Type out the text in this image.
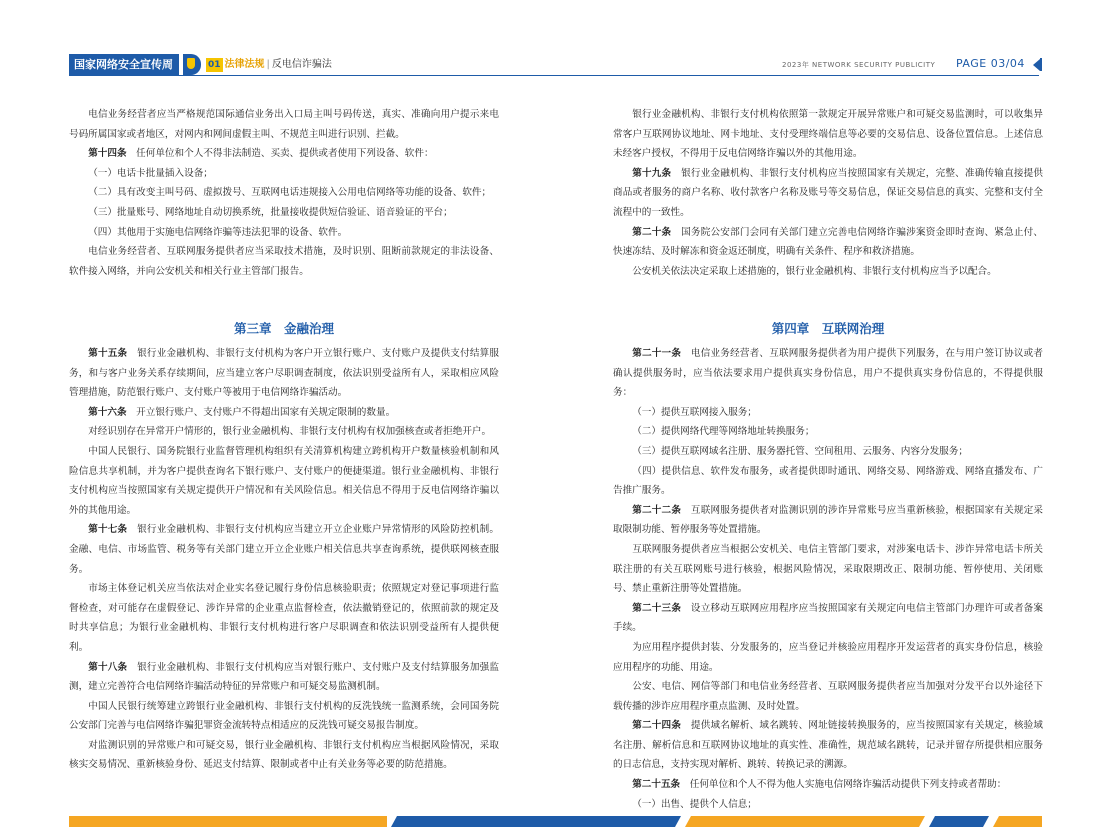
国家网络安全宣传周	01 法律法规 | 反电信诈骗法	2023年 NETWORK SECURITY PUBLICITY PAGE 03/04

电信业务经营者应当严格规范国际通信业务出入口局主叫号码传送，真实、准确向用户提示来电号码所属国家或者地区，对网内和网间虚假主叫、不规范主叫进行识别、拦截。

第十四条　 任何单位和个人不得非法制造、买卖、提供或者使用下列设备、软件：

（一）电话卡批量插入设备；

（二）具有改变主叫号码、虚拟拨号、互联网电话违规接入公用电信网络等功能的设备、软件；

（三）批量账号、网络地址自动切换系统，批量接收提供短信验证、语音验证的平台；

（四）其他用于实施电信网络诈骗等违法犯罪的设备、软件。

电信业务经营者、互联网服务提供者应当采取技术措施，及时识别、阻断前款规定的非法设备、软件接入网络，并向公安机关和相关行业主管部门报告。

第三章　金融治理

第十五条　 银行业金融机构、非银行支付机构为客户开立银行账户、支付账户及提供支付结算服务，和与客户业务关系存续期间，应当建立客户尽职调查制度，依法识别受益所有人，采取相应风险管理措施，防范银行账户、支付账户等被用于电信网络诈骗活动。

第十六条　 开立银行账户、支付账户不得超出国家有关规定限制的数量。

对经识别存在异常开户情形的，银行业金融机构、非银行支付机构有权加强核查或者拒绝开户。

中国人民银行、国务院银行业监督管理机构组织有关清算机构建立跨机构开户数量核验机制和风险信息共享机制，并为客户提供查询名下银行账户、支付账户的便捷渠道。银行业金融机构、非银行支付机构应当按照国家有关规定提供开户情况和有关风险信息。相关信息不得用于反电信网络诈骗以外的其他用途。

第十七条　 银行业金融机构、非银行支付机构应当建立开立企业账户异常情形的风险防控机制。金融、电信、市场监管、税务等有关部门建立开立企业账户相关信息共享查询系统，提供联网核查服务。

市场主体登记机关应当依法对企业实名登记履行身份信息核验职责；依照规定对登记事项进行监督检查，对可能存在虚假登记、涉诈异常的企业重点监督检查，依法撤销登记的，依照前款的规定及时共享信息；为银行业金融机构、非银行支付机构进行客户尽职调查和依法识别受益所有人提供便利。

第十八条　 银行业金融机构、非银行支付机构应当对银行账户、支付账户及支付结算服务加强监测，建立完善符合电信网络诈骗活动特征的异常账户和可疑交易监测机制。

中国人民银行统筹建立跨银行业金融机构、非银行支付机构的反洗钱统一监测系统，会同国务院公安部门完善与电信网络诈骗犯罪资金流转特点相适应的反洗钱可疑交易报告制度。

对监测识别的异常账户和可疑交易，银行业金融机构、非银行支付机构应当根据风险情况，采取核实交易情况、重新核验身份、延迟支付结算、限制或者中止有关业务等必要的防范措施。

银行业金融机构、非银行支付机构依照第一款规定开展异常账户和可疑交易监测时，可以收集异常客户互联网协议地址、网卡地址、支付受理终端信息等必要的交易信息、设备位置信息。上述信息未经客户授权，不得用于反电信网络诈骗以外的其他用途。

第十九条　 银行业金融机构、非银行支付机构应当按照国家有关规定，完整、准确传输直接提供商品或者服务的商户名称、收付款客户名称及账号等交易信息，保证交易信息的真实、完整和支付全流程中的一致性。

第二十条　 国务院公安部门会同有关部门建立完善电信网络诈骗涉案资金即时查询、紧急止付、快速冻结、及时解冻和资金返还制度，明确有关条件、程序和救济措施。

公安机关依法决定采取上述措施的，银行业金融机构、非银行支付机构应当予以配合。

第四章　互联网治理

第二十一条　 电信业务经营者、互联网服务提供者为用户提供下列服务，在与用户签订协议或者确认提供服务时，应当依法要求用户提供真实身份信息，用户不提供真实身份信息的，不得提供服务：

（一）提供互联网接入服务；

（二）提供网络代理等网络地址转换服务；

（三）提供互联网域名注册、服务器托管、空间租用、云服务、内容分发服务；

（四）提供信息、软件发布服务，或者提供即时通讯、网络交易、网络游戏、网络直播发布、广告推广服务。

第二十二条　 互联网服务提供者对监测识别的涉诈异常账号应当重新核验，根据国家有关规定采取限制功能、暂停服务等处置措施。

互联网服务提供者应当根据公安机关、电信主管部门要求，对涉案电话卡、涉诈异常电话卡所关联注册的有关互联网账号进行核验，根据风险情况，采取限期改正、限制功能、暂停使用、关闭账号、禁止重新注册等处置措施。

第二十三条　 设立移动互联网应用程序应当按照国家有关规定向电信主管部门办理许可或者备案手续。

为应用程序提供封装、分发服务的，应当登记并核验应用程序开发运营者的真实身份信息，核验应用程序的功能、用途。

公安、电信、网信等部门和电信业务经营者、互联网服务提供者应当加强对分发平台以外途径下载传播的涉诈应用程序重点监测、及时处置。

第二十四条　 提供域名解析、域名跳转、网址链接转换服务的，应当按照国家有关规定，核验域名注册、解析信息和互联网协议地址的真实性、准确性，规范域名跳转，记录并留存所提供相应服务的日志信息，支持实现对解析、跳转、转换记录的溯源。

第二十五条　 任何单位和个人不得为他人实施电信网络诈骗活动提供下列支持或者帮助：

（一）出售、提供个人信息；
